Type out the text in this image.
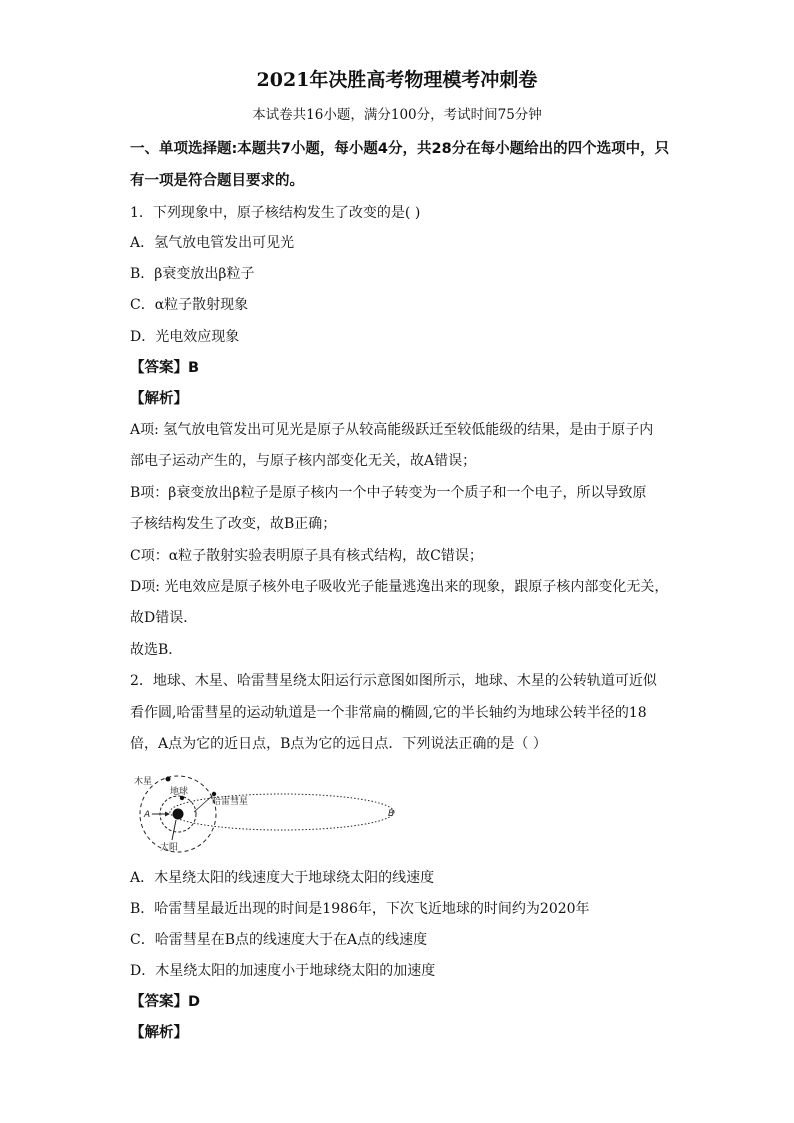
2021年决胜高考物理模考冲刺卷
本试卷共16小题，满分100分，考试时间75分钟
一、单项选择题:本题共7小题，每小题4分，共28分在每小题给出的四个选项中，只
有一项是符合题目要求的。
1．下列现象中，原子核结构发生了改变的是( )
A．氢气放电管发出可见光
B．β衰变放出β粒子
C．α粒子散射现象
D．光电效应现象
【答案】B
【解析】
A项: 氢气放电管发出可见光是原子从较高能级跃迁至较低能级的结果，是由于原子内
部电子运动产生的，与原子核内部变化无关，故A错误；
B项：β衰变放出β粒子是原子核内一个中子转变为一个质子和一个电子，所以导致原
子核结构发生了改变，故B正确；
C项：α粒子散射实验表明原子具有核式结构，故C错误；
D项: 光电效应是原子核外电子吸收光子能量逃逸出来的现象，跟原子核内部变化无关，
故D错误．
故选B．
2．地球、木星、哈雷彗星绕太阳运行示意图如图所示，地球、木星的公转轨道可近似
看作圆,哈雷彗星的运动轨道是一个非常扁的椭圆,它的半长轴约为地球公转半径的18
倍，A点为它的近日点，B点为它的远日点．下列说法正确的是（ ）
木星
地球
哈雷彗星
太阳
A	B
A．木星绕太阳的线速度大于地球绕太阳的线速度
B．哈雷彗星最近出现的时间是1986年，下次飞近地球的时间约为2020年
C．哈雷彗星在B点的线速度大于在A点的线速度
D．木星绕太阳的加速度小于地球绕太阳的加速度
【答案】D
【解析】
